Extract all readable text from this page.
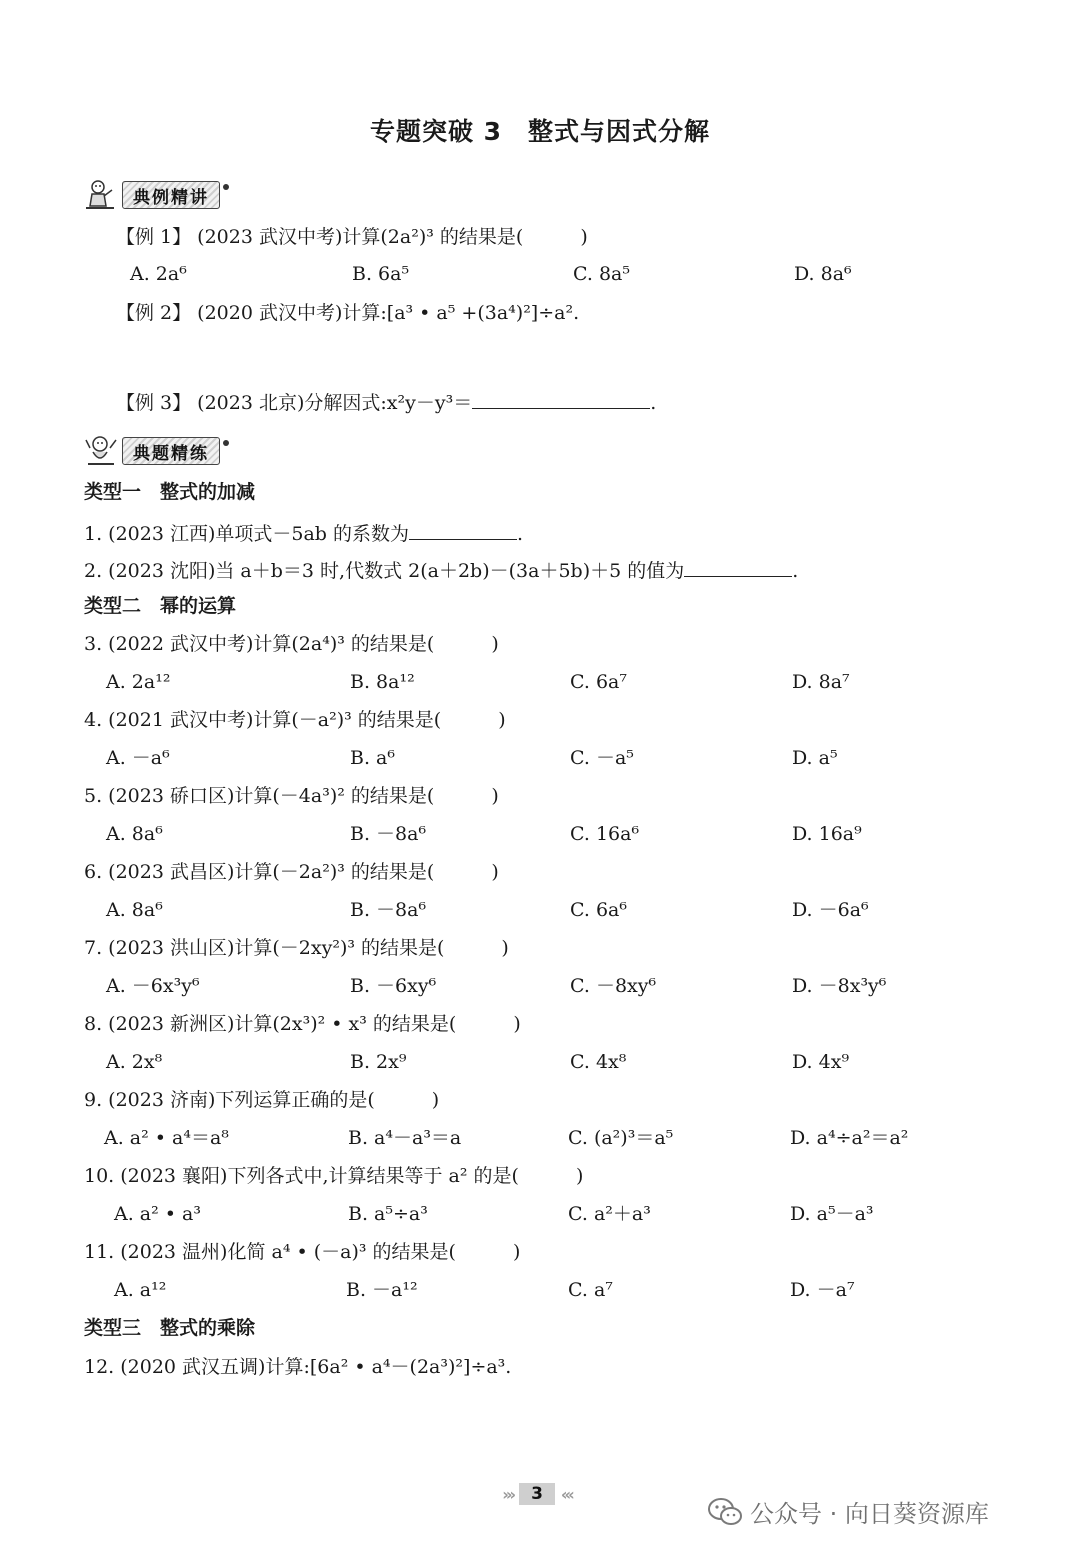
专题突破 3　整式与因式分解
典例精讲
【例 1】 (2023 武汉中考)计算(2a²)³ 的结果是(　　　)
A. 2a⁶	B. 6a⁵	C. 8a⁵	D. 8a⁶
【例 2】 (2020 武汉中考)计算:[a³ • a⁵ +(3a⁴)²]÷a².
【例 3】 (2023 北京)分解因式:x²y－y³＝	.
典题精练
类型一　整式的加减
1. (2023 江西)单项式－5ab 的系数为	.
2. (2023 沈阳)当 a＋b＝3 时,代数式 2(a＋2b)－(3a＋5b)＋5 的值为	.
类型二　幂的运算
3. (2022 武汉中考)计算(2a⁴)³ 的结果是(　　　)
A. 2a¹²	B. 8a¹²	C. 6a⁷	D. 8a⁷
4. (2021 武汉中考)计算(－a²)³ 的结果是(　　　)
A. －a⁶	B. a⁶	C. －a⁵	D. a⁵
5. (2023 硚口区)计算(－4a³)² 的结果是(　　　)
A. 8a⁶	B. －8a⁶	C. 16a⁶	D. 16a⁹
6. (2023 武昌区)计算(－2a²)³ 的结果是(　　　)
A. 8a⁶	B. －8a⁶	C. 6a⁶	D. －6a⁶
7. (2023 洪山区)计算(－2xy²)³ 的结果是(　　　)
A. －6x³y⁶	B. －6xy⁶	C. －8xy⁶	D. －8x³y⁶
8. (2023 新洲区)计算(2x³)² • x³ 的结果是(　　　)
A. 2x⁸	B. 2x⁹	C. 4x⁸	D. 4x⁹
9. (2023 济南)下列运算正确的是(　　　)
A. a² • a⁴＝a⁸	B. a⁴－a³＝a	C. (a²)³＝a⁵	D. a⁴÷a²＝a²
10. (2023 襄阳)下列各式中,计算结果等于 a² 的是(　　　)
A. a² • a³	B. a⁵÷a³	C. a²＋a³	D. a⁵－a³
11. (2023 温州)化简 a⁴ • (－a)³ 的结果是(　　　)
A. a¹²	B. －a¹²	C. a⁷	D. －a⁷
类型三　整式的乘除
12. (2020 武汉五调)计算:[6a² • a⁴－(2a³)²]÷a³.
›››	3	‹‹‹
公众号 · 向日葵资源库
